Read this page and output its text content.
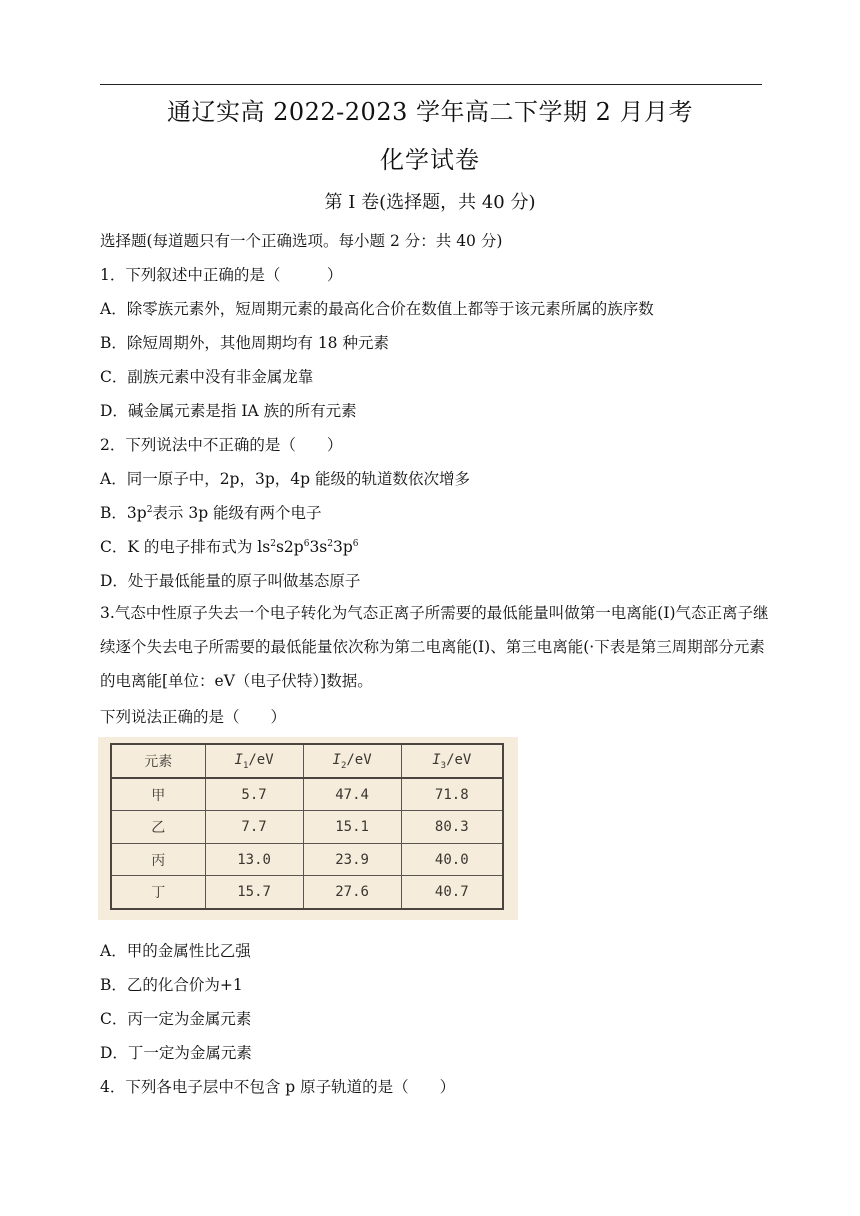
通辽实高 2022-2023 学年高二下学期 2 月月考
化学试卷
第 I 卷(选择题，共 40 分)
选择题(每道题只有一个正确选项。每小题 2 分：共 40 分)
1．下列叙述中正确的是（　　　）
A．除零族元素外，短周期元素的最高化合价在数值上都等于该元素所属的族序数
B．除短周期外，其他周期均有 18 种元素
C．副族元素中没有非金属龙靠
D．碱金属元素是指 IA 族的所有元素
2．下列说法中不正确的是（　　）
A．同一原子中，2p，3p，4p 能级的轨道数依次增多
B．$3p^2$表示 3p 能级有两个电子
C．K 的电子排布式为 $ls^2s2p^63s^23p^6$
D．处于最低能量的原子叫做基态原子
3.气态中性原子失去一个电子转化为气态正离子所需要的最低能量叫做第一电离能(I)气态正离子继续逐个失去电子所需要的最低能量依次称为第二电离能(I)、第三电离能(·下表是第三周期部分元素的电离能[单位：eV（电子伏特）]数据。
下列说法正确的是（　　）
元素	$I_1/eV$	$I_2/eV$	$I_3/eV$
甲	5.7	47.4	71.8
乙	7.7	15.1	80.3
丙	13.0	23.9	40.0
丁	15.7	27.6	40.7
A．甲的金属性比乙强
B．乙的化合价为+1
C．丙一定为金属元素
D．丁一定为金属元素
4．下列各电子层中不包含 p 原子轨道的是（　　）
